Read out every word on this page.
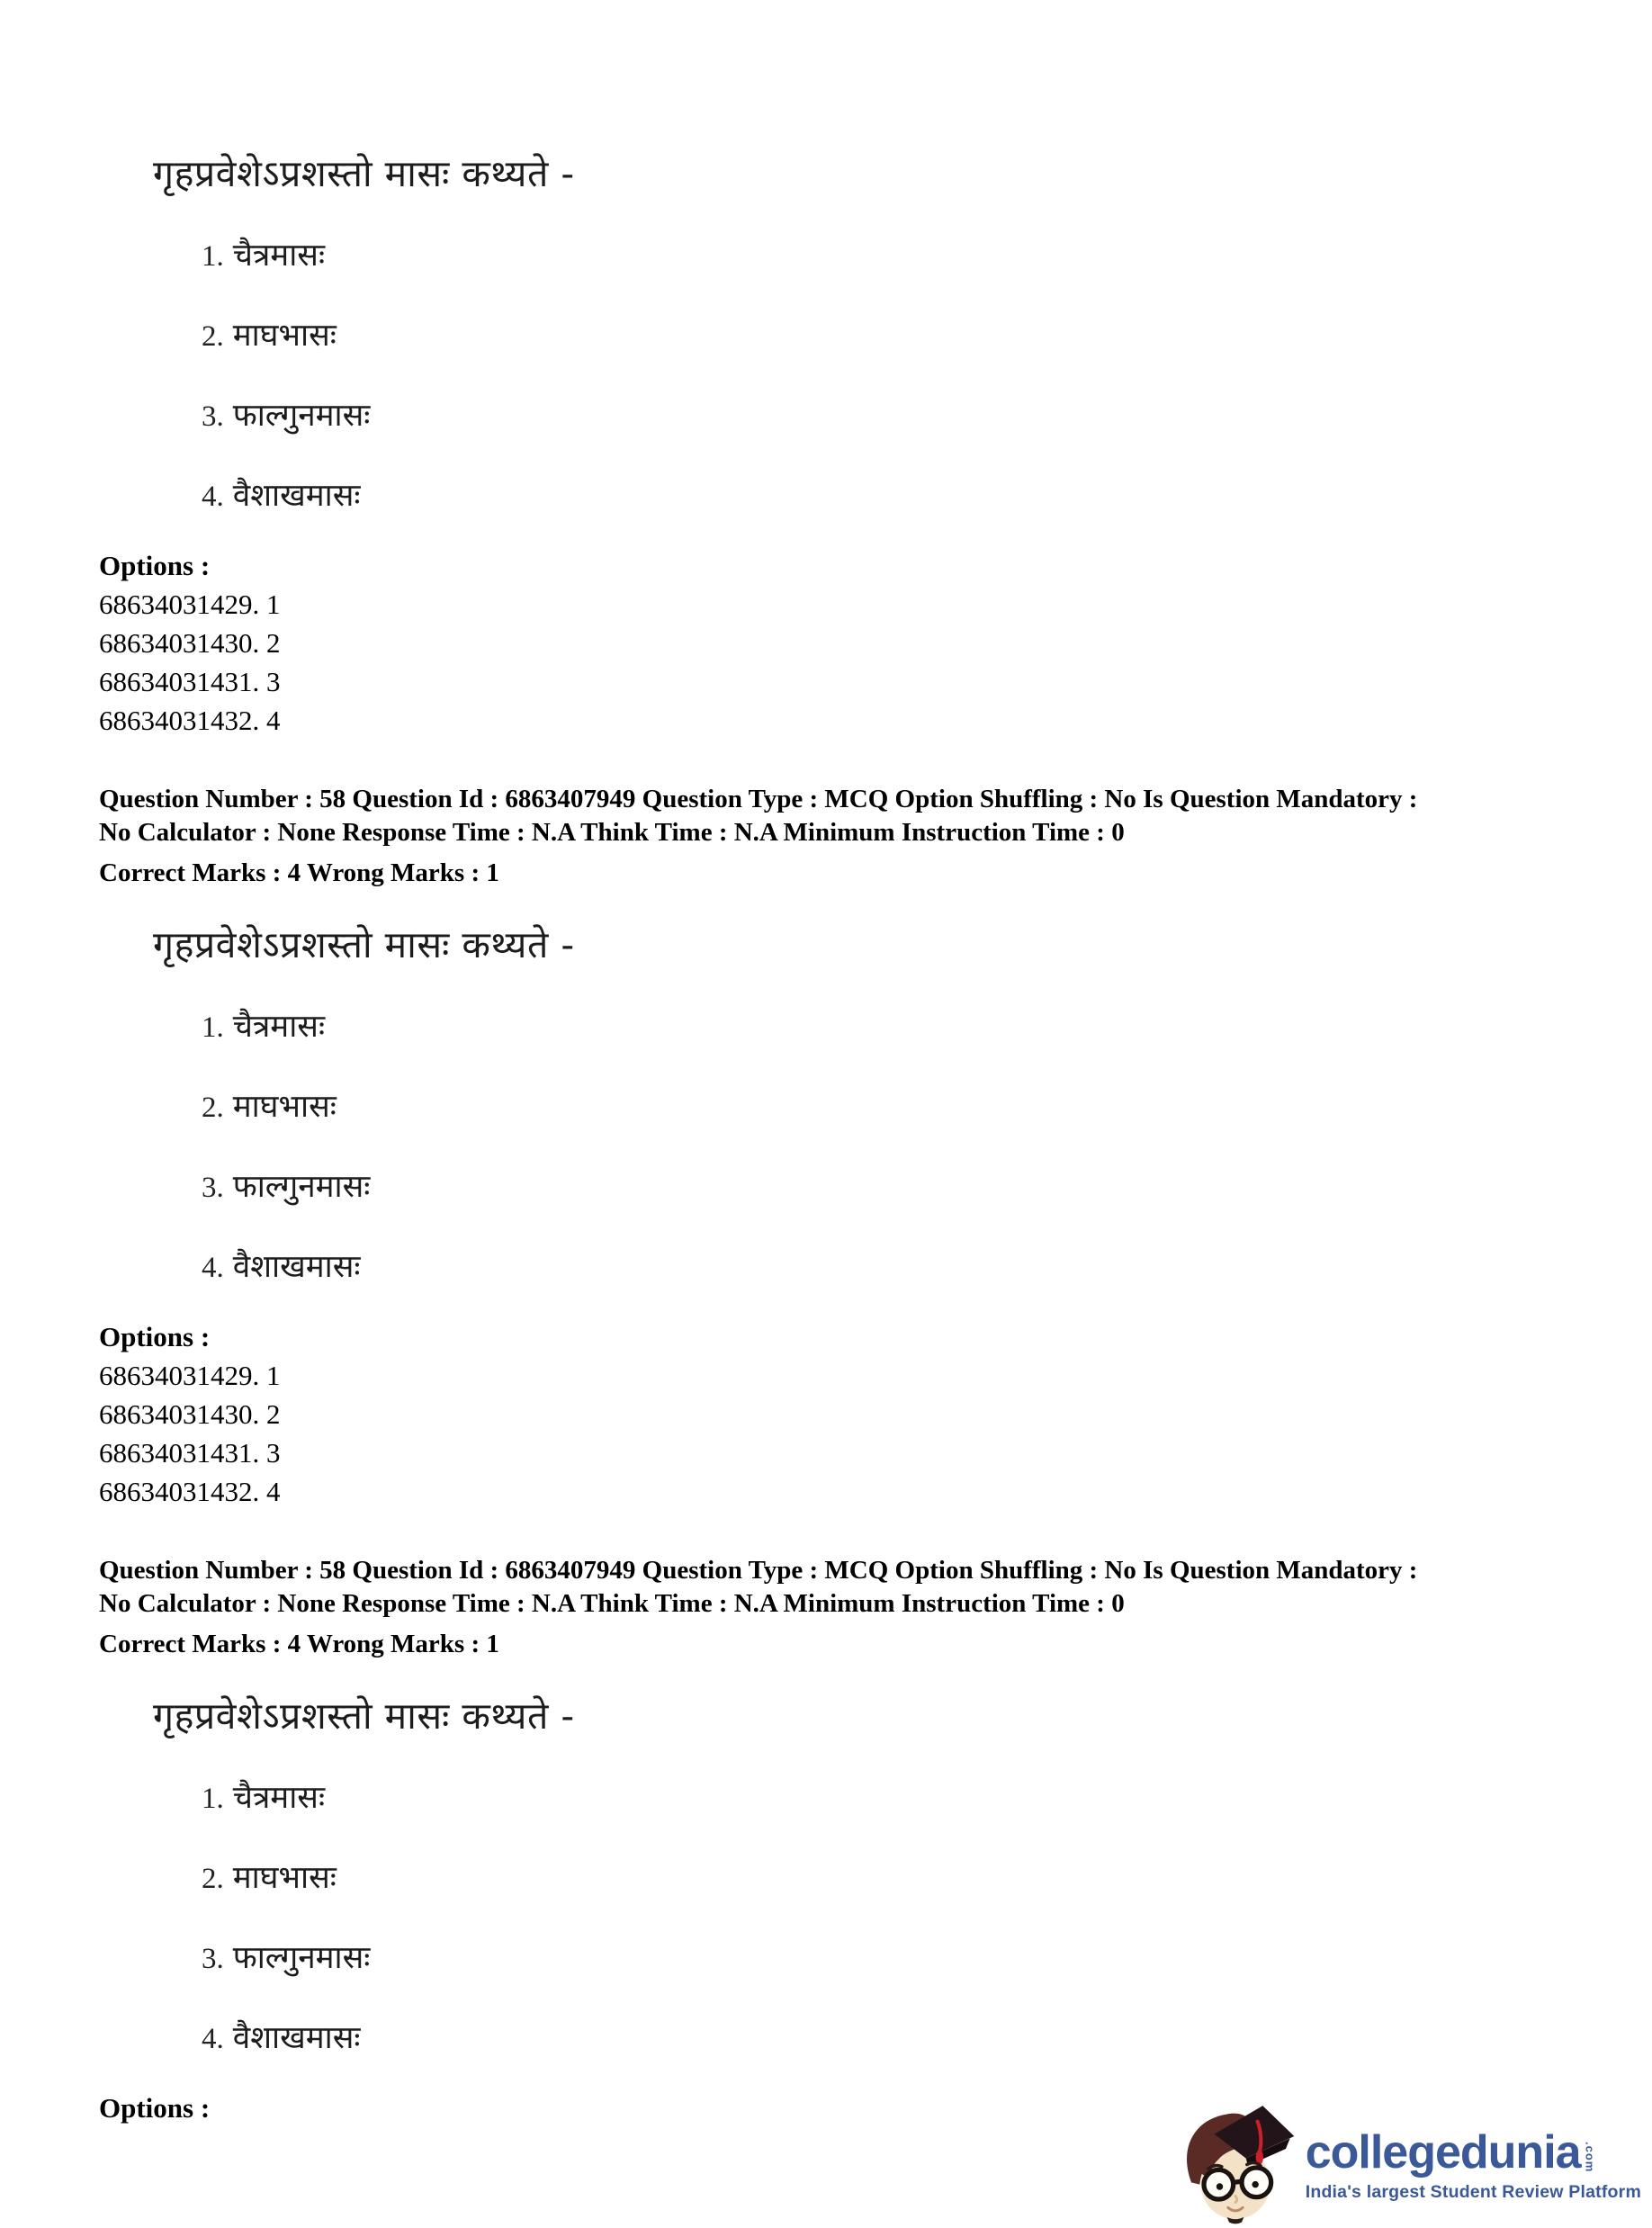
गृहप्रवेशेऽप्रशस्तो मासः कथ्यते -
1. चैत्रमासः
2. माघभासः
3. फाल्गुनमासः
4. वैशाखमासः
Options :
68634031429. 1
68634031430. 2
68634031431. 3
68634031432. 4
Question Number : 58 Question Id : 6863407949 Question Type : MCQ Option Shuffling : No Is Question Mandatory :
No Calculator : None Response Time : N.A Think Time : N.A Minimum Instruction Time : 0
Correct Marks : 4 Wrong Marks : 1
गृहप्रवेशेऽप्रशस्तो मासः कथ्यते -
1. चैत्रमासः
2. माघभासः
3. फाल्गुनमासः
4. वैशाखमासः
Options :
68634031429. 1
68634031430. 2
68634031431. 3
68634031432. 4
Question Number : 58 Question Id : 6863407949 Question Type : MCQ Option Shuffling : No Is Question Mandatory :
No Calculator : None Response Time : N.A Think Time : N.A Minimum Instruction Time : 0
Correct Marks : 4 Wrong Marks : 1
गृहप्रवेशेऽप्रशस्तो मासः कथ्यते -
1. चैत्रमासः
2. माघभासः
3. फाल्गुनमासः
4. वैशाखमासः
Options :
collegedunia .com
India's largest Student Review Platform
